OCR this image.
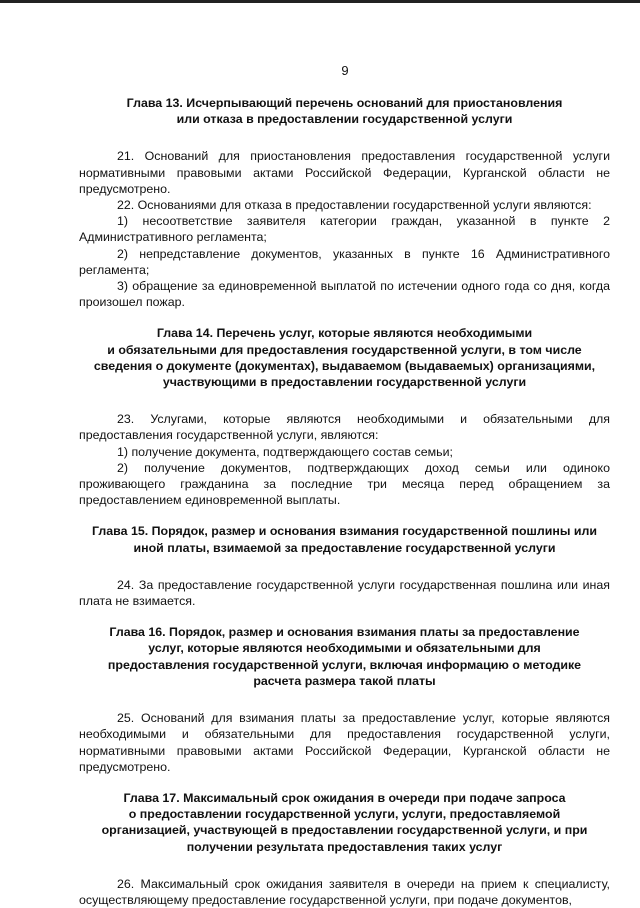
9
Глава 13. Исчерпывающий перечень оснований для приостановления
или отказа в предоставлении государственной услуги

21. Оснований для приостановления предоставления государственной услуги нормативными правовыми актами Российской Федерации, Курганской области не предусмотрено.

22. Основаниями для отказа в предоставлении государственной услуги являются:

1) несоответствие заявителя категории граждан, указанной в пункте 2 Административного регламента;

2) непредставление документов, указанных в пункте 16 Административного регламента;

3) обращение за единовременной выплатой по истечении одного года со дня, когда произошел пожар.

Глава 14. Перечень услуг, которые являются необходимыми
и обязательными для предоставления государственной услуги, в том числе
сведения о документе (документах), выдаваемом (выдаваемых) организациями,
участвующими в предоставлении государственной услуги

23. Услугами, которые являются необходимыми и обязательными для предоставления государственной услуги, являются:

1) получение документа, подтверждающего состав семьи;

2) получение документов, подтверждающих доход семьи или одиноко проживающего гражданина за последние три месяца перед обращением за предоставлением единовременной выплаты.

Глава 15. Порядок, размер и основания взимания государственной пошлины или
иной платы, взимаемой за предоставление государственной услуги

24. За предоставление государственной услуги государственная пошлина или иная плата не взимается.

Глава 16. Порядок, размер и основания взимания платы за предоставление
услуг, которые являются необходимыми и обязательными для
предоставления государственной услуги, включая информацию о методике
расчета размера такой платы

25. Оснований для взимания платы за предоставление услуг, которые являются необходимыми и обязательными для предоставления государственной услуги, нормативными правовыми актами Российской Федерации, Курганской области не предусмотрено.

Глава 17. Максимальный срок ожидания в очереди при подаче запроса
о предоставлении государственной услуги, услуги, предоставляемой
организацией, участвующей в предоставлении государственной услуги, и при
получении результата предоставления таких услуг

26. Максимальный срок ожидания заявителя в очереди на прием к специалисту, осуществляющему предоставление государственной услуги, при подаче документов,
